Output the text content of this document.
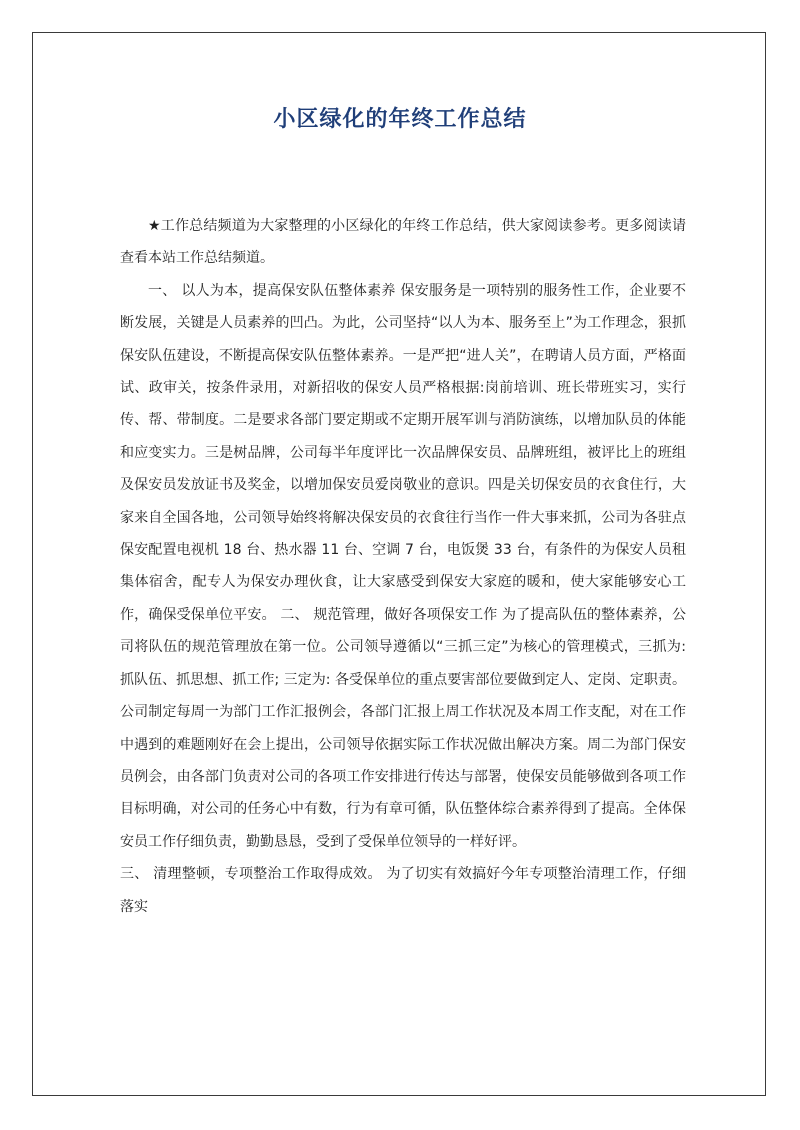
小区绿化的年终工作总结

★工作总结频道为大家整理的小区绿化的年终工作总结，供大家阅读参考。更多阅读请查看本站工作总结频道。

一、 以人为本，提高保安队伍整体素养 保安服务是一项特别的服务性工作，企业要不断发展，关键是人员素养的凹凸。为此，公司坚持“以人为本、服务至上”为工作理念，狠抓保安队伍建设，不断提高保安队伍整体素养。一是严把“进人关”，在聘请人员方面，严格面试、政审关，按条件录用，对新招收的保安人员严格根据:岗前培训、班长带班实习，实行传、帮、带制度。二是要求各部门要定期或不定期开展军训与消防演练，以增加队员的体能和应变实力。三是树品牌，公司每半年度评比一次品牌保安员、品牌班组，被评比上的班组及保安员发放证书及奖金，以增加保安员爱岗敬业的意识。四是关切保安员的衣食住行，大家来自全国各地，公司领导始终将解决保安员的衣食往行当作一件大事来抓，公司为各驻点保安配置电视机 18 台、热水器 11 台、空调 7 台，电饭煲 33 台，有条件的为保安人员租集体宿舍，配专人为保安办理伙食，让大家感受到保安大家庭的暖和，使大家能够安心工作，确保受保单位平安。 二、 规范管理，做好各项保安工作 为了提高队伍的整体素养，公司将队伍的规范管理放在第一位。公司领导遵循以“三抓三定”为核心的管理模式，三抓为: 抓队伍、抓思想、抓工作; 三定为: 各受保单位的重点要害部位要做到定人、定岗、定职责。公司制定每周一为部门工作汇报例会，各部门汇报上周工作状况及本周工作支配，对在工作中遇到的难题刚好在会上提出，公司领导依据实际工作状况做出解决方案。周二为部门保安员例会，由各部门负责对公司的各项工作安排进行传达与部署，使保安员能够做到各项工作目标明确，对公司的任务心中有数，行为有章可循，队伍整体综合素养得到了提高。全体保安员工作仔细负责，勤勤恳恳，受到了受保单位领导的一样好评。

三、 清理整顿，专项整治工作取得成效。 为了切实有效搞好今年专项整治清理工作，仔细落实
